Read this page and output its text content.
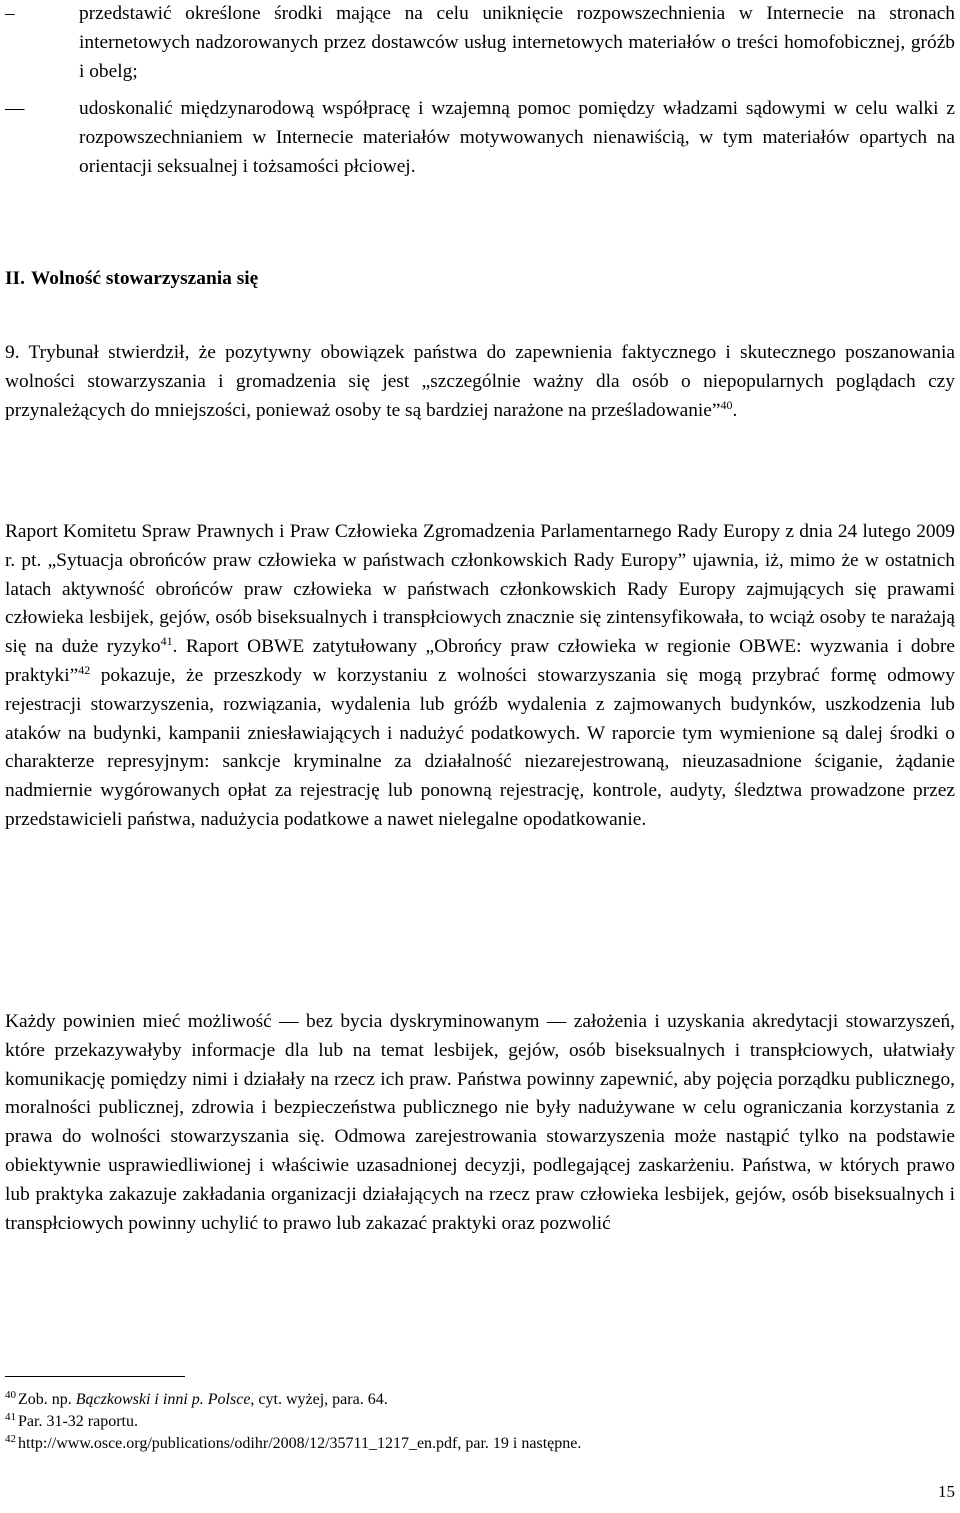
–	przedstawić określone środki mające na celu uniknięcie rozpowszechnienia w Internecie na stronach internetowych nadzorowanych przez dostawców usług internetowych materiałów o treści homofobicznej, gróźb i obelg;
—	udoskonalić międzynarodową współpracę i wzajemną pomoc pomiędzy władzami sądowymi w celu walki z rozpowszechnianiem w Internecie materiałów motywowanych nienawiścią, w tym materiałów opartych na orientacji seksualnej i tożsamości płciowej.
II. Wolność stowarzyszania się

9. Trybunał stwierdził, że pozytywny obowiązek państwa do zapewnienia faktycznego i skutecznego poszanowania wolności stowarzyszania i gromadzenia się jest „szczególnie ważny dla osób o niepopularnych poglądach czy przynależących do mniejszości, ponieważ osoby te są bardziej narażone na prześladowanie”$^{40}$.

Raport Komitetu Spraw Prawnych i Praw Człowieka Zgromadzenia Parlamentarnego Rady Europy z dnia 24 lutego 2009 r. pt. „Sytuacja obrońców praw człowieka w państwach członkowskich Rady Europy” ujawnia, iż, mimo że w ostatnich latach aktywność obrońców praw człowieka w państwach członkowskich Rady Europy zajmujących się prawami człowieka lesbijek, gejów, osób biseksualnych i transpłciowych znacznie się zintensyfikowała, to wciąż osoby te narażają się na duże ryzyko$^{41}$. Raport OBWE zatytułowany „Obrońcy praw człowieka w regionie OBWE: wyzwania i dobre praktyki”$^{42}$ pokazuje, że przeszkody w korzystaniu z wolności stowarzyszania się mogą przybrać formę odmowy rejestracji stowarzyszenia, rozwiązania, wydalenia lub gróźb wydalenia z zajmowanych budynków, uszkodzenia lub ataków na budynki, kampanii zniesławiających i nadużyć podatkowych. W raporcie tym wymienione są dalej środki o charakterze represyjnym: sankcje kryminalne za działalność niezarejestrowaną, nieuzasadnione ściganie, żądanie nadmiernie wygórowanych opłat za rejestrację lub ponowną rejestrację, kontrole, audyty, śledztwa prowadzone przez przedstawicieli państwa, nadużycia podatkowe a nawet nielegalne opodatkowanie.

Każdy powinien mieć możliwość — bez bycia dyskryminowanym — założenia i uzyskania akredytacji stowarzyszeń, które przekazywałyby informacje dla lub na temat lesbijek, gejów, osób biseksualnych i transpłciowych, ułatwiały komunikację pomiędzy nimi i działały na rzecz ich praw. Państwa powinny zapewnić, aby pojęcia porządku publicznego, moralności publicznej, zdrowia i bezpieczeństwa publicznego nie były nadużywane w celu ograniczania korzystania z prawa do wolności stowarzyszania się. Odmowa zarejestrowania stowarzyszenia może nastąpić tylko na podstawie obiektywnie usprawiedliwionej i właściwie uzasadnionej decyzji, podlegającej zaskarżeniu. Państwa, w których prawo lub praktyka zakazuje zakładania organizacji działających na rzecz praw człowieka lesbijek, gejów, osób biseksualnych i transpłciowych powinny uchylić to prawo lub zakazać praktyki oraz pozwolić

$^{40}$ Zob. np. Bączkowski i inni p. Polsce, cyt. wyżej, para. 64.
$^{41}$ Par. 31-32 raportu.
$^{42}$ http://www.osce.org/publications/odihr/2008/12/35711_1217_en.pdf, par. 19 i następne.
15
